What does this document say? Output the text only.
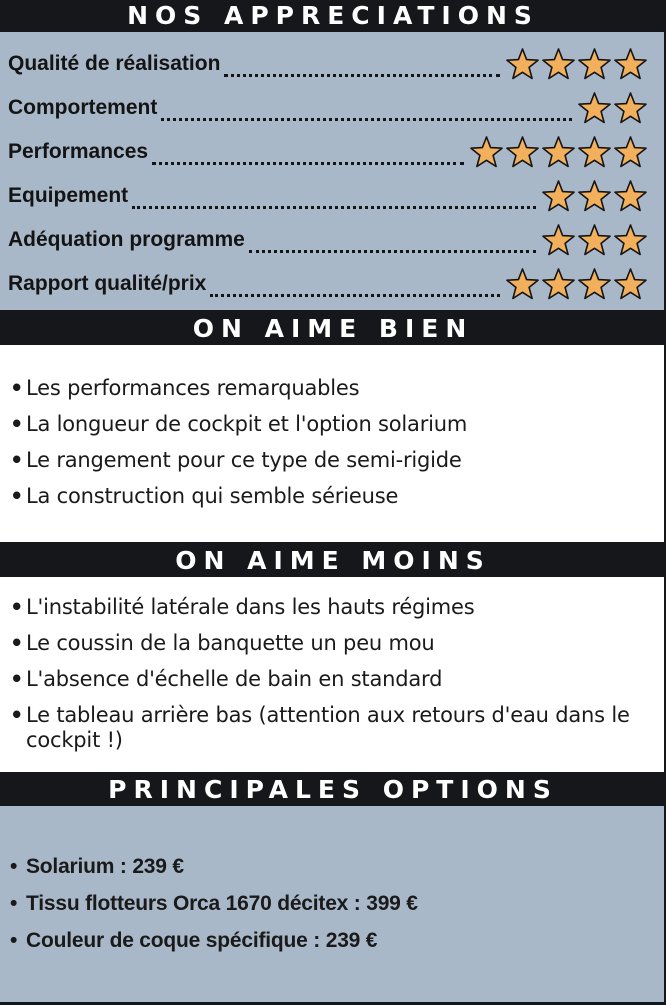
NOS APPRECIATIONS
Qualité de réalisation
Comportement
Performances
Equipement
Adéquation programme
Rapport qualité/prix
ON AIME BIEN
• Les performances remarquables
• La longueur de cockpit et l'option solarium
• Le rangement pour ce type de semi-rigide
• La construction qui semble sérieuse
ON AIME MOINS
• L'instabilité latérale dans les hauts régimes
• Le coussin de la banquette un peu mou
• L'absence d'échelle de bain en standard
• Le tableau arrière bas (attention aux retours d'eau dans le cockpit !)
PRINCIPALES OPTIONS
• Solarium : 239 €
• Tissu flotteurs Orca 1670 décitex : 399 €
• Couleur de coque spécifique : 239 €
